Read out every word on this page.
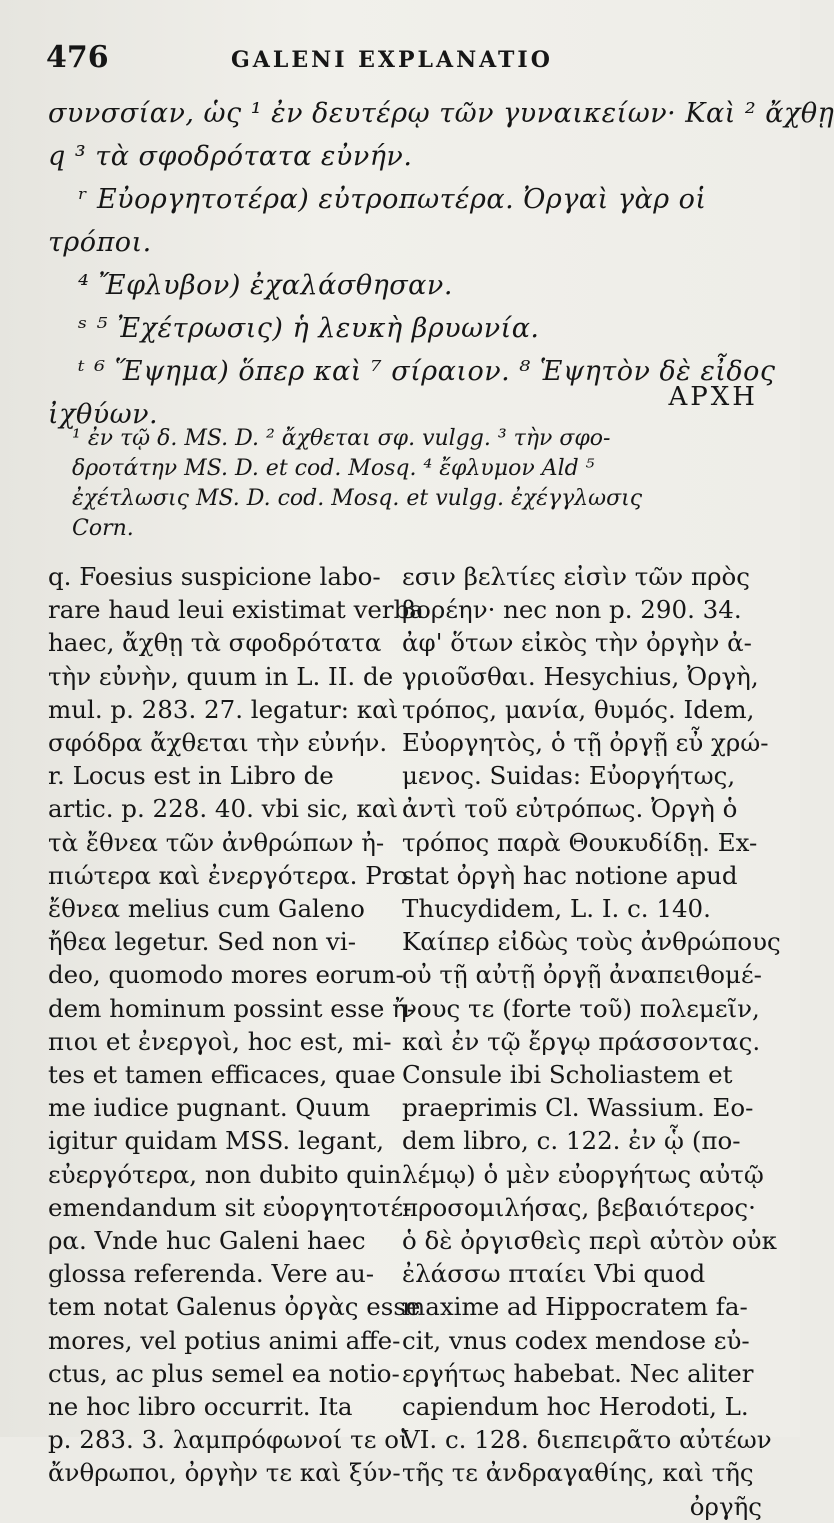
476	GALENI EXPLANATIO
συνσσίαν, ὡς ¹ ἐν δευτέρῳ τῶν γυναικείων· Καὶ ² ἄχθῃ
q ³ τὰ σφοδρότατα εὐνήν.
ʳ Εὐοργητοτέρα) εὐτροπωτέρα. Ὀργαὶ γὰρ οἱ
τρόποι.
⁴ Ἔφλυβον) ἐχαλάσθησαν.
ˢ ⁵ Ἐχέτρωσις) ἡ λευκὴ βρυωνία.
ᵗ ⁶ Ἕψημα) ὅπερ καὶ ⁷ σίραιον. ⁸ Ἑψητὸν δὲ εἶδος
ἰχθύων.
ΑΡΧΗ
¹ ἐν τῷ δ. MS. D. ² ἄχθεται σφ. vulgg. ³ τὴν σφο-
δροτάτην MS. D. et cod. Mosq. ⁴ ἔφλυμον Ald ⁵
ἐχέτλωσις MS. D. cod. Mosq. et vulgg. ἐχέγγλωσις
Corn.
q. Foesius suspicione labo-
rare haud leui existimat verba
haec, ἄχθῃ τὰ σφοδρότατα
τὴν εὐνὴν, quum in L. II. de
mul. p. 283. 27. legatur: καὶ
σφόδρα ἄχθεται τὴν εὐνήν.
r. Locus est in Libro de
artic. p. 228. 40. vbi sic, καὶ
τὰ ἔθνεα τῶν ἀνθρώπων ἠ-
πιώτερα καὶ ἐνεργότερα. Pro
ἔθνεα melius cum Galeno
ἤθεα legetur. Sed non vi-
deo, quomodo mores eorum-
dem hominum possint esse ἤ-
πιοι et ἐνεργοὶ, hoc est, mi-
tes et tamen efficaces, quae
me iudice pugnant. Quum
igitur quidam MSS. legant,
εὐεργότερα, non dubito quin
emendandum sit εὐοργητοτέ-
ρα. Vnde huc Galeni haec
glossa referenda. Vere au-
tem notat Galenus ὀργὰς esse
mores, vel potius animi affe-
ctus, ac plus semel ea notio-
ne hoc libro occurrit. Ita
p. 283. 3. λαμπρόφωνοί τε οἱ
ἄνθρωποι, ὀργὴν τε καὶ ξύν-
εσιν βελτίες εἰσὶν τῶν πρὸς
βορέην· nec non p. 290. 34.
ἀφ' ὅτων εἰκὸς τὴν ὀργὴν ἀ-
γριοῦσθαι. Hesychius, Ὀργὴ,
τρόπος, μανία, θυμός. Idem,
Εὐοργητὸς, ὁ τῇ ὀργῇ εὖ χρώ-
μενος. Suidas: Εὐοργήτως,
ἀντὶ τοῦ εὐτρόπως. Ὀργὴ ὁ
τρόπος παρὰ Θουκυδίδῃ. Ex-
stat ὀργὴ hac notione apud
Thucydidem, L. I. c. 140.
Καίπερ εἰδὼς τοὺς ἀνθρώπους
οὐ τῇ αὐτῇ ὀργῇ ἀναπειθομέ-
νους τε (forte τοῦ) πολεμεῖν,
καὶ ἐν τῷ ἔργῳ πράσσοντας.
Consule ibi Scholiastem et
praeprimis Cl. Wassium. Eo-
dem libro, c. 122. ἐν ᾧ (πο-
λέμῳ) ὁ μὲν εὐοργήτως αὐτῷ
προσομιλήσας, βεβαιότερος·
ὁ δὲ ὀργισθεὶς περὶ αὐτὸν οὐκ
ἐλάσσω πταίει Vbi quod
maxime ad Hippocratem fa-
cit, vnus codex mendose εὐ-
εργήτως habebat. Nec aliter
capiendum hoc Herodoti, L.
VI. c. 128. διεπειρᾶτο αὐτέων
τῆς τε ἀνδραγαθίης, καὶ τῆς
ὀργῆς
